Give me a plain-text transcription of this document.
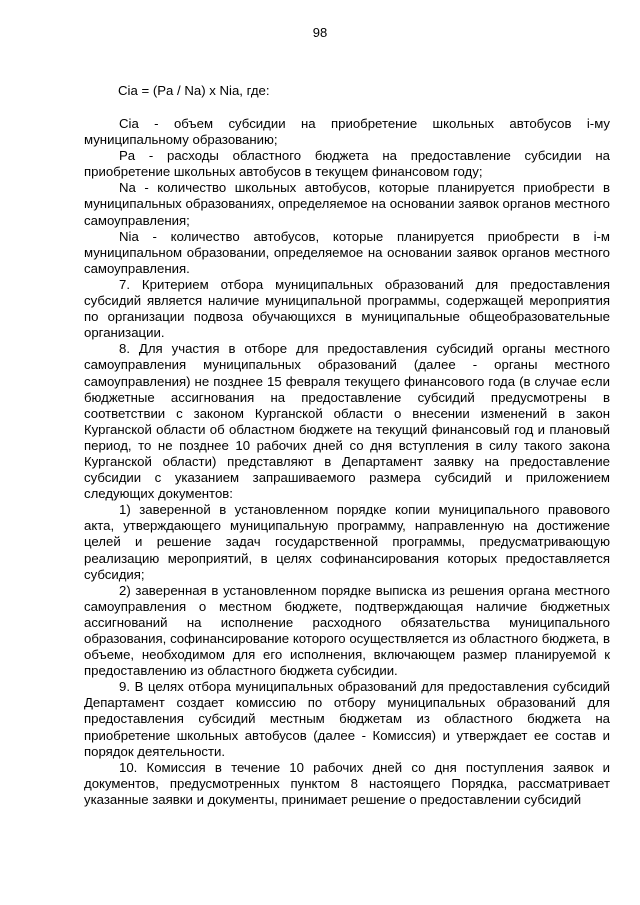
98
Cia = (Pa / Na) x Nia, где:

Cia - объем субсидии на приобретение школьных автобусов i-му муниципальному образованию;

Pa - расходы областного бюджета на предоставление субсидии на приобретение школьных автобусов в текущем финансовом году;

Na - количество школьных автобусов, которые планируется приобрести в муниципальных образованиях, определяемое на основании заявок органов местного самоуправления;

Nia - количество автобусов, которые планируется приобрести в i-м муниципальном образовании, определяемое на основании заявок органов местного самоуправления.

7. Критерием отбора муниципальных образований для предоставления субсидий является наличие муниципальной программы, содержащей мероприятия по организации подвоза обучающихся в муниципальные общеобразовательные организации.

8. Для участия в отборе для предоставления субсидий органы местного самоуправления муниципальных образований (далее - органы местного самоуправления) не позднее 15 февраля текущего финансового года (в случае если бюджетные ассигнования на предоставление субсидий предусмотрены в соответствии с законом Курганской области о внесении изменений в закон Курганской области об областном бюджете на текущий финансовый год и плановый период, то не позднее 10 рабочих дней со дня вступления в силу такого закона Курганской области) представляют в Департамент заявку на предоставление субсидии с указанием запрашиваемого размера субсидий и приложением следующих документов:

1) заверенной в установленном порядке копии муниципального правового акта, утверждающего муниципальную программу, направленную на достижение целей и решение задач государственной программы, предусматривающую реализацию мероприятий, в целях софинансирования которых предоставляется субсидия;

2) заверенная в установленном порядке выписка из решения органа местного самоуправления о местном бюджете, подтверждающая наличие бюджетных ассигнований на исполнение расходного обязательства муниципального образования, софинансирование которого осуществляется из областного бюджета, в объеме, необходимом для его исполнения, включающем размер планируемой к предоставлению из областного бюджета субсидии.

9. В целях отбора муниципальных образований для предоставления субсидий Департамент создает комиссию по отбору муниципальных образований для предоставления субсидий местным бюджетам из областного бюджета на приобретение школьных автобусов (далее - Комиссия) и утверждает ее состав и порядок деятельности.

10. Комиссия в течение 10 рабочих дней со дня поступления заявок и документов, предусмотренных пунктом 8 настоящего Порядка, рассматривает указанные заявки и документы, принимает решение о предоставлении субсидий
